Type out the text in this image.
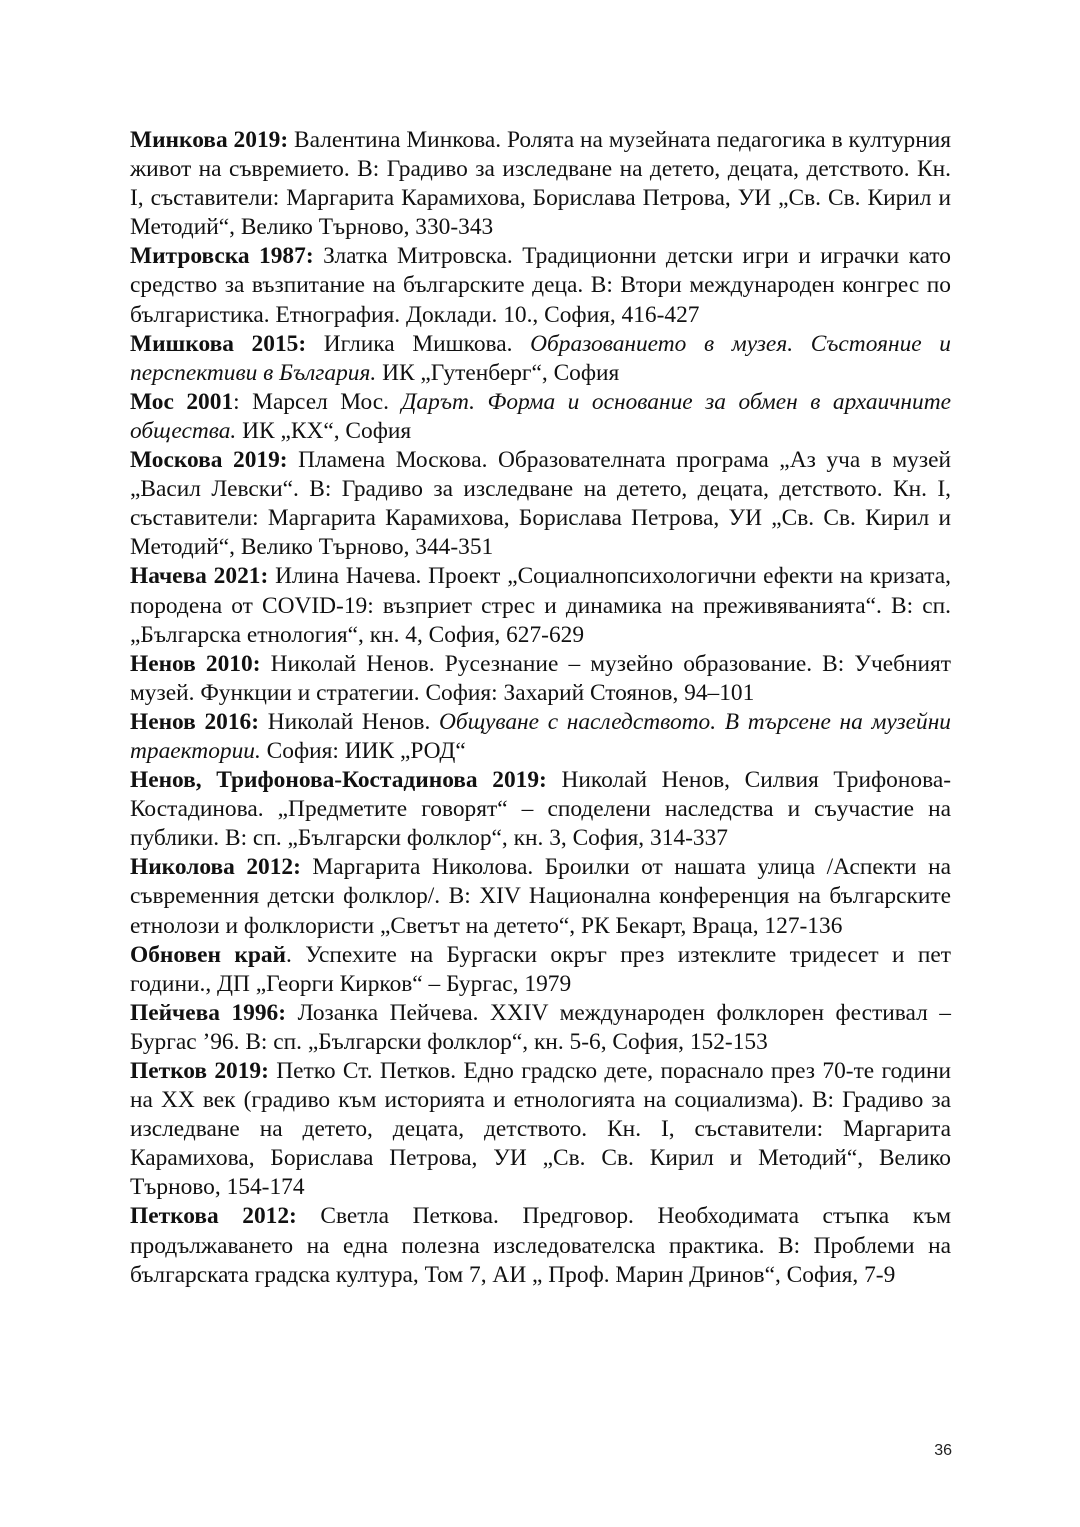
Минкова 2019: Валентина Минкова. Ролята на музейната педагогика в културния живот на съвремието. В: Градиво за изследване на детето, децата, детството. Кн. I, съставители: Маргарита Карамихова, Борислава Петрова, УИ „Св. Св. Кирил и Методий“, Велико Търново, 330-343

Митровска 1987: Златка Митровска. Традиционни детски игри и играчки като средство за възпитание на българските деца. В: Втори международен конгрес по българистика. Етнография. Доклади. 10., София, 416-427

Мишкова 2015: Иглика Мишкова. Образованието в музея. Състояние и перспективи в България. ИК „Гутенберг“, София

Мос 2001: Марсел Мос. Дарът. Форма и основание за обмен в архаичните общества. ИК „КХ“, София

Москова 2019: Пламена Москова. Образователната програма „Аз уча в музей „Васил Левски“. В: Градиво за изследване на детето, децата, детството. Кн. I, съставители: Маргарита Карамихова, Борислава Петрова, УИ „Св. Св. Кирил и Методий“, Велико Търново, 344-351

Начева 2021: Илина Начева. Проект „Социалнопсихологични ефекти на кризата, породена от COVID-19: възприет стрес и динамика на преживяванията“. В: сп. „Българска етнология“, кн. 4, София, 627-629

Ненов 2010: Николай Ненов. Русезнание – музейно образование. В: Учебният музей. Функции и стратегии. София: Захарий Стоянов, 94–101

Ненов 2016: Николай Ненов. Общуване с наследството. В търсене на музейни траектории. София: ИИК „РОД“

Ненов, Трифонова-Костадинова 2019: Николай Ненов, Силвия Трифонова-Костадинова. „Предметите говорят“ – споделени наследства и съучастие на публики. В: сп. „Български фолклор“, кн. 3, София, 314-337

Николова 2012: Маргарита Николова. Броилки от нашата улица /Аспекти на съвременния детски фолклор/. В: XIV Национална конференция на българските етнолози и фолклористи „Светът на детето“, РК Бекарт, Враца, 127-136

Обновен край. Успехите на Бургаски окръг през изтеклите тридесет и пет години., ДП „Георги Кирков“ – Бургас, 1979

Пейчева 1996: Лозанка Пейчева. XXIV международен фолклорен фестивал – Бургас ’96. В: сп. „Български фолклор“, кн. 5-6, София, 152-153

Петков 2019: Петко Ст. Петков. Едно градско дете, пораснало през 70-те години на XX век (градиво към историята и етнологията на социализма). В: Градиво за изследване на детето, децата, детството. Кн. I, съставители: Маргарита Карамихова, Борислава Петрова, УИ „Св. Св. Кирил и Методий“, Велико Търново, 154-174

Петкова 2012: Светла Петкова. Предговор. Необходимата стъпка към продължаването на една полезна изследователска практика. В: Проблеми на българската градска култура, Том 7, АИ „ Проф. Марин Дринов“, София, 7-9

36
